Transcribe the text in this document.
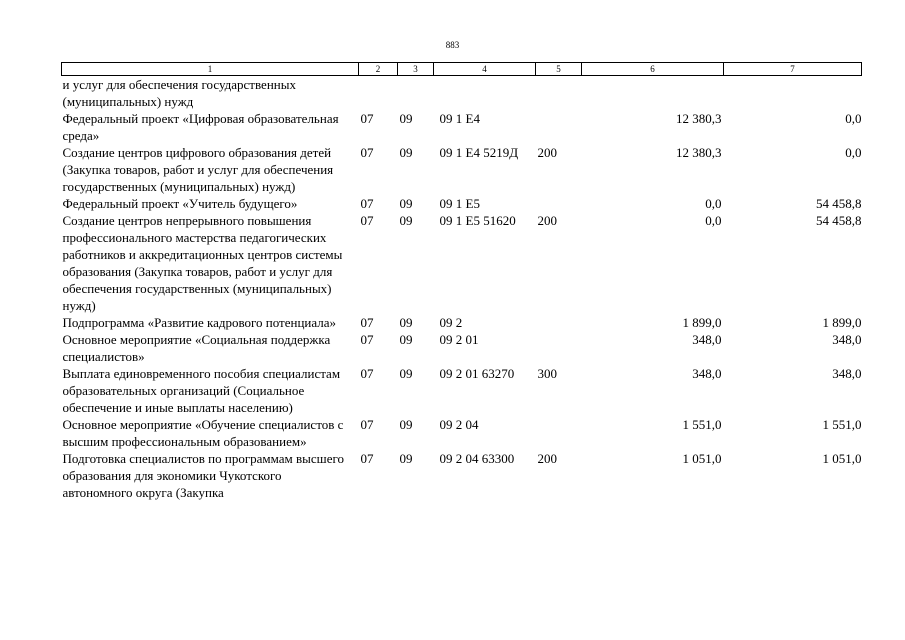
883
1	2	3	4	5	6	7
и услуг для обеспечения государственных (муниципальных) нужд						
Федеральный проект «Цифровая образовательная среда»	07	09	09 1 Е4		12 380,3	0,0
Создание центров цифрового образования детей (Закупка товаров, работ и услуг для обеспечения государственных (муниципальных) нужд)	07	09	09 1 Е4 5219Д	200	12 380,3	0,0
Федеральный проект «Учитель будущего»	07	09	09 1 Е5		0,0	54 458,8
Создание центров непрерывного повышения профессионального мастерства педагогических работников и аккредитационных центров системы образования (Закупка товаров, работ и услуг для обеспечения государственных (муниципальных) нужд)	07	09	09 1 Е5 51620	200	0,0	54 458,8
Подпрограмма «Развитие кадрового потенциала»	07	09	09 2		1 899,0	1 899,0
Основное мероприятие «Социальная поддержка специалистов»	07	09	09 2 01		348,0	348,0
Выплата единовременного пособия специалистам образовательных организаций (Социальное обеспечение и иные выплаты населению)	07	09	09 2 01 63270	300	348,0	348,0
Основное мероприятие «Обучение специалистов с высшим профессиональным образованием»	07	09	09 2 04		1 551,0	1 551,0
Подготовка специалистов по программам высшего образования для экономики Чукотского автономного округа (Закупка	07	09	09 2 04 63300	200	1 051,0	1 051,0
